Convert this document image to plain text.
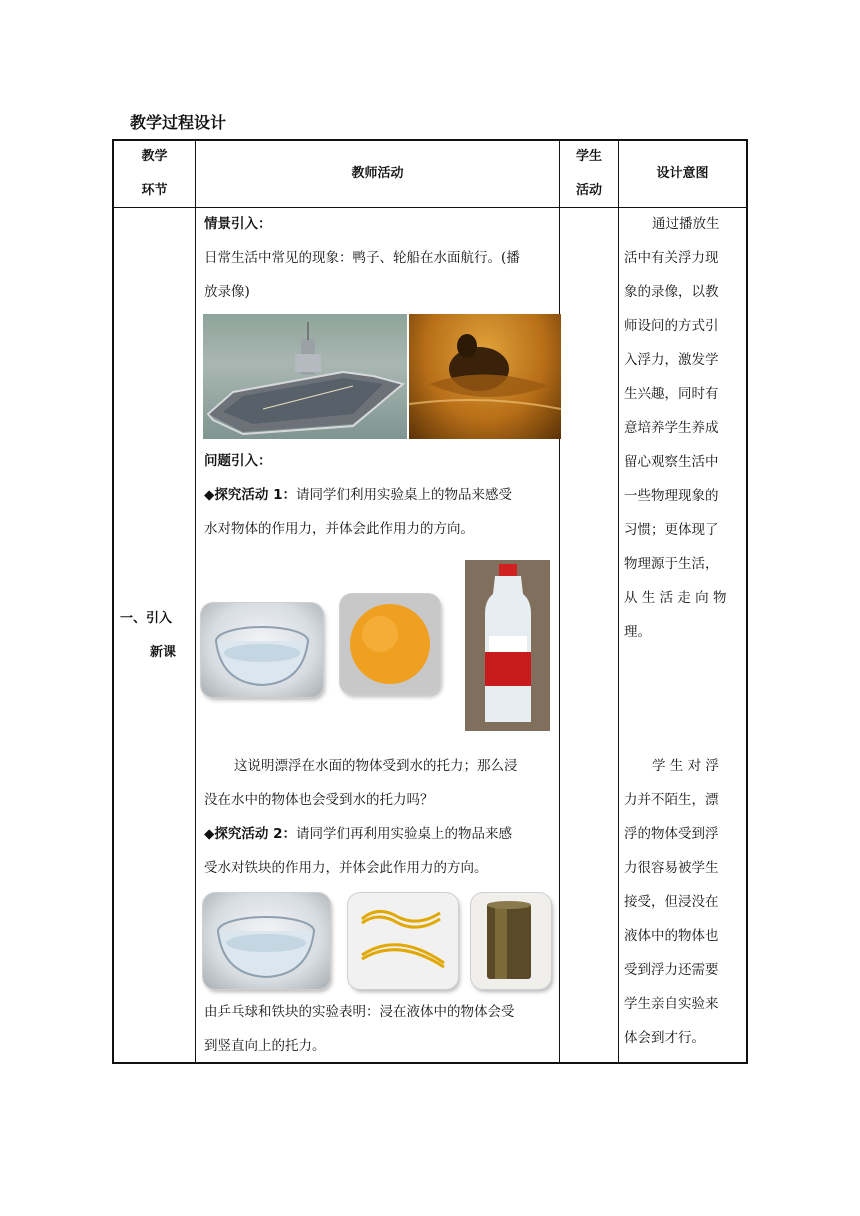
教学过程设计
教学
环节
教师活动
学生
活动
设计意图
一、引入
新课
情景引入：
日常生活中常见的现象：鸭子、轮船在水面航行。(播
放录像)
问题引入：
◆探究活动 1：请同学们利用实验桌上的物品来感受
水对物体的作用力，并体会此作用力的方向。
这说明漂浮在水面的物体受到水的托力；那么浸
没在水中的物体也会受到水的托力吗？
◆探究活动 2：请同学们再利用实验桌上的物品来感
受水对铁块的作用力，并体会此作用力的方向。
由乒乓球和铁块的实验表明：浸在液体中的物体会受
到竖直向上的托力。
通过播放生
活中有关浮力现
象的录像，以教
师设问的方式引
入浮力，激发学
生兴趣，同时有
意培养学生养成
留心观察生活中
一些物理现象的
习惯；更体现了
物理源于生活，
从 生 活 走 向 物
理。
学 生 对 浮
力并不陌生，漂
浮的物体受到浮
力很容易被学生
接受，但浸没在
液体中的物体也
受到浮力还需要
学生亲自实验来
体会到才行。
